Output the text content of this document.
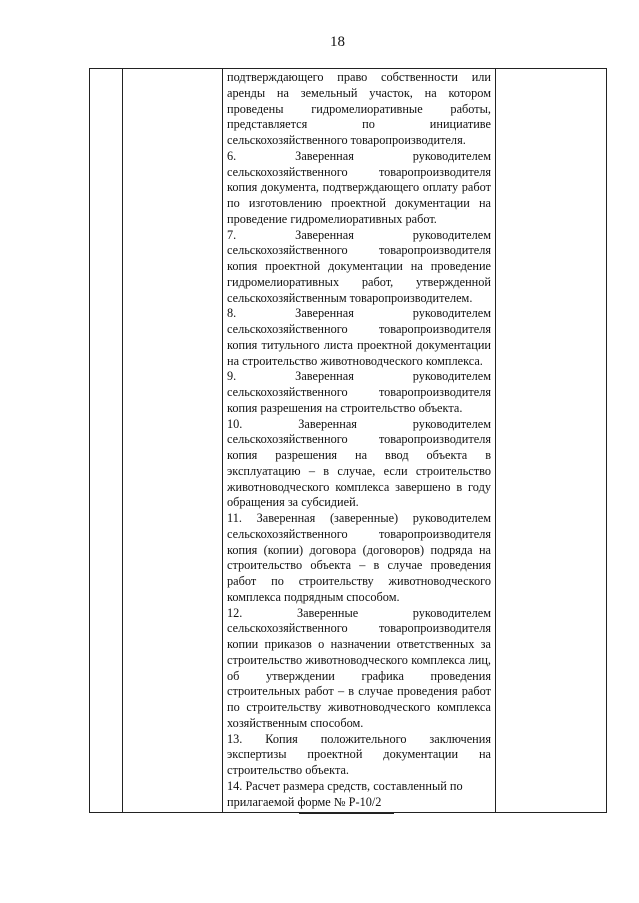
18

подтверждающего право собственности или аренды на земельный участок, на котором проведены гидромелиоративные работы, представляется по инициативе сельскохозяйственного товаропроизводителя.

6. Заверенная руководителем сельскохозяйственного товаропроизводителя копия документа, подтверждающего оплату работ по изготовлению проектной документации на проведение гидромелиоративных работ.

7. Заверенная руководителем сельскохозяйственного товаропроизводителя копия проектной документации на проведение гидромелиоративных работ, утвержденной сельскохозяйственным товаропроизводителем.

8. Заверенная руководителем сельскохозяйственного товаропроизводителя копия титульного листа проектной документации на строительство животноводческого комплекса.

9. Заверенная руководителем сельскохозяйственного товаропроизводителя копия разрешения на строительство объекта.

10. Заверенная руководителем сельскохозяйственного товаропроизводителя копия разрешения на ввод объекта в эксплуатацию – в случае, если строительство животноводческого комплекса завершено в году обращения за субсидией.

11. Заверенная (заверенные) руководителем сельскохозяйственного товаропроизводителя копия (копии) договора (договоров) подряда на строительство объекта – в случае проведения работ по строительству животноводческого комплекса подрядным способом.

12. Заверенные руководителем сельскохозяйственного товаропроизводителя копии приказов о назначении ответственных за строительство животноводческого комплекса лиц, об утверждении графика проведения строительных работ – в случае проведения работ по строительству животноводческого комплекса хозяйственным способом.

13. Копия положительного заключения экспертизы проектной документации на строительство объекта.

14. Расчет размера средств, составленный по прилагаемой форме № Р-10/2
